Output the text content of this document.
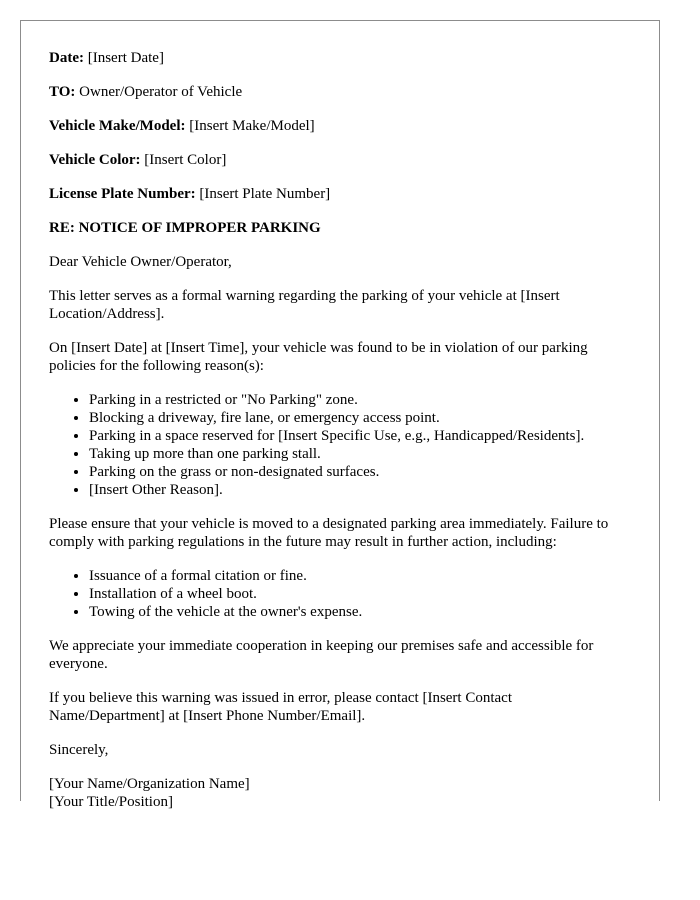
Date: [Insert Date]

TO: Owner/Operator of Vehicle

Vehicle Make/Model: [Insert Make/Model]

Vehicle Color: [Insert Color]

License Plate Number: [Insert Plate Number]

RE: NOTICE OF IMPROPER PARKING

Dear Vehicle Owner/Operator,

This letter serves as a formal warning regarding the parking of your vehicle at [Insert Location/Address].

On [Insert Date] at [Insert Time], your vehicle was found to be in violation of our parking policies for the following reason(s):

• Parking in a restricted or "No Parking" zone.
• Blocking a driveway, fire lane, or emergency access point.
• Parking in a space reserved for [Insert Specific Use, e.g., Handicapped/Residents].
• Taking up more than one parking stall.
• Parking on the grass or non-designated surfaces.
• [Insert Other Reason].

Please ensure that your vehicle is moved to a designated parking area immediately. Failure to comply with parking regulations in the future may result in further action, including:

• Issuance of a formal citation or fine.
• Installation of a wheel boot.
• Towing of the vehicle at the owner's expense.

We appreciate your immediate cooperation in keeping our premises safe and accessible for everyone.

If you believe this warning was issued in error, please contact [Insert Contact Name/Department] at [Insert Phone Number/Email].

Sincerely,

[Your Name/Organization Name]

[Your Title/Position]
